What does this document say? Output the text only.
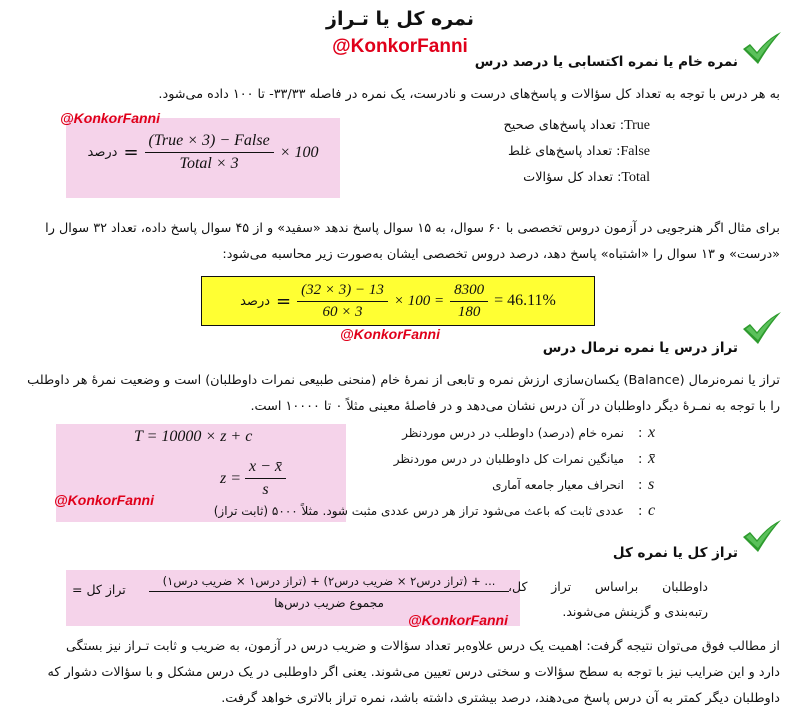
نمره کل یا تـراز
@KonkorFanni
نمره خام یا نمره اکتسابی یا درصد درس
به هر درس با توجه به تعداد کل سؤالات و پاسخ‌های درست و نادرست، یک نمره در فاصله ۳۳/۳۳- تا ۱۰۰ داده می‌شود.
@KonkorFanni
درصد = $\frac{\text{(True × 3) − False}}{\text{Total × 3}} \times 100$
True: تعداد پاسخ‌های صحیح
False: تعداد پاسخ‌های غلط
Total: تعداد کل سؤالات
برای مثال اگر هنرجویی در آزمون دروس تخصصی با ۶۰ سوال، به ۱۵ سوال پاسخ ندهد «سفید» و از ۴۵ سوال پاسخ داده، تعداد ۳۲ سوال را
«درست» و ۱۳ سوال را «اشتباه» پاسخ دهد، درصد دروس تخصصی ایشان به‌صورت زیر محاسبه می‌شود:
درصد = $\frac{(32 \times 3) - 13}{60 \times 3} \times 100 = \frac{8300}{180} = 46.11\%$
@KonkorFanni
تراز درس یا نمره نرمال درس
تراز یا نمره‌نرمال (Balance) یکسان‌سازی ارزش نمره و تابعی از نمرهٔ خام (منحنی طبیعی نمرات داوطلبان) است و وضعیت نمرهٔ هر داوطلب
را با توجه به نمـرهٔ دیگر داوطلبان در آن درس نشان می‌دهد و در فاصلهٔ معینی مثلاً ۰ تا ۱۰۰۰۰ است.
T = 10000 × z + c
$z = \frac{x - x̄}{s}$
@KonkorFanni
نمره خام (درصد) داوطلب در درس موردنظر
میانگین نمرات کل داوطلبان در درس موردنظر
انحراف معیار جامعه آماری
عددی ثابت که باعث می‌شود تراز هر درس عددی مثبت شود. مثلاً ۵۰۰۰ (ثابت تراز)
x
x̄
s
c
:
:
:
:
تراز کل یا نمره کل
تراز کل =
... + (تراز درس۲ × ضریب درس۲) + (تراز درس۱ × ضریب درس۱)
مجموع ضریب درس‌ها
@KonkorFanni
داوطلبان براساس تراز کل،
رتبه‌بندی و گزینش می‌شوند.
از مطالب فوق می‌توان نتیجه گرفت: اهمیت یک درس علاوه‌بر تعداد سؤالات و ضریب درس در آزمون، به ضریب و ثابت تـراز نیز بستگی
دارد و این ضرایب نیز با توجه به سطح سؤالات و سختی درس تعیین می‌شوند. یعنی اگر داوطلبی در یک درس مشکل و با سؤالات دشوار که
داوطلبان دیگر کمتر به آن درس پاسخ می‌دهند، درصد بیشتری داشته باشد، نمره تراز بالاتری خواهد گرفت.
